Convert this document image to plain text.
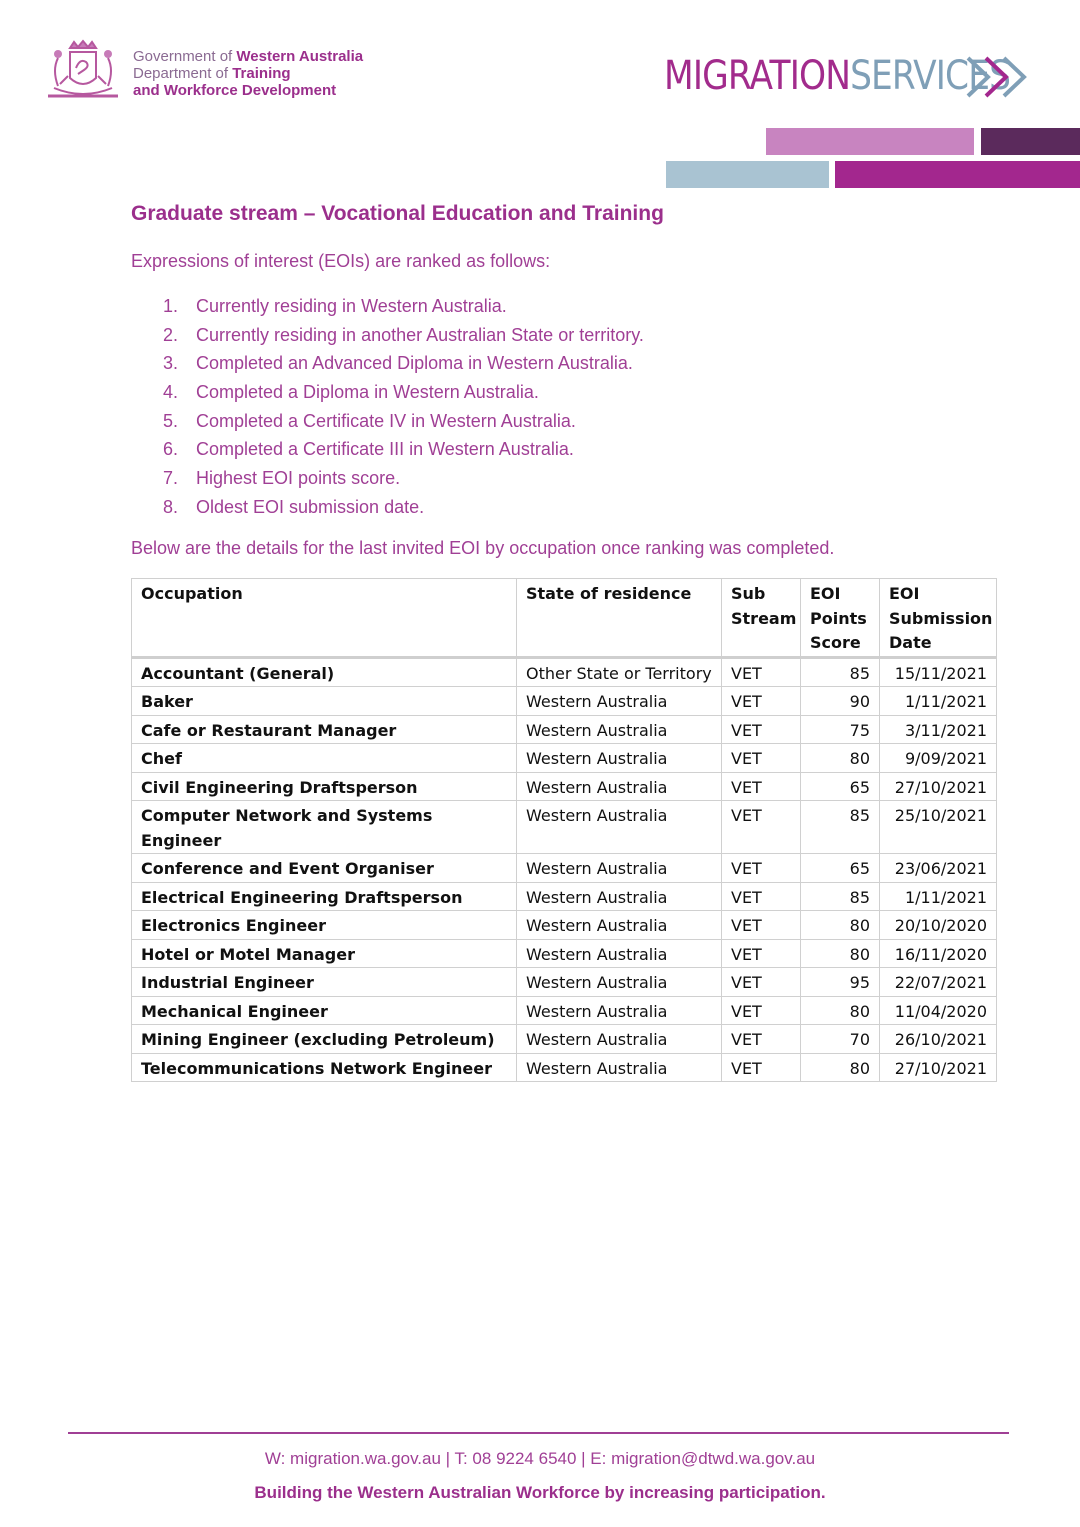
Government of Western Australia
Department of Training
and Workforce Development	MIGRATIONSERVICES
Graduate stream – Vocational Education and Training
Expressions of interest (EOIs) are ranked as follows:
1. Currently residing in Western Australia.
2. Currently residing in another Australian State or territory.
3. Completed an Advanced Diploma in Western Australia.
4. Completed a Diploma in Western Australia.
5. Completed a Certificate IV in Western Australia.
6. Completed a Certificate III in Western Australia.
7. Highest EOI points score.
8. Oldest EOI submission date.
Below are the details for the last invited EOI by occupation once ranking was completed.
Occupation	State of residence	Sub Stream	EOI Points Score	EOI Submission Date
Accountant (General)	Other State or Territory	VET	85	15/11/2021
Baker	Western Australia	VET	90	1/11/2021
Cafe or Restaurant Manager	Western Australia	VET	75	3/11/2021
Chef	Western Australia	VET	80	9/09/2021
Civil Engineering Draftsperson	Western Australia	VET	65	27/10/2021
Computer Network and Systems Engineer	Western Australia	VET	85	25/10/2021
Conference and Event Organiser	Western Australia	VET	65	23/06/2021
Electrical Engineering Draftsperson	Western Australia	VET	85	1/11/2021
Electronics Engineer	Western Australia	VET	80	20/10/2020
Hotel or Motel Manager	Western Australia	VET	80	16/11/2020
Industrial Engineer	Western Australia	VET	95	22/07/2021
Mechanical Engineer	Western Australia	VET	80	11/04/2020
Mining Engineer (excluding Petroleum)	Western Australia	VET	70	26/10/2021
Telecommunications Network Engineer	Western Australia	VET	80	27/10/2021
W: migration.wa.gov.au | T: 08 9224 6540 | E: migration@dtwd.wa.gov.au
Building the Western Australian Workforce by increasing participation.
